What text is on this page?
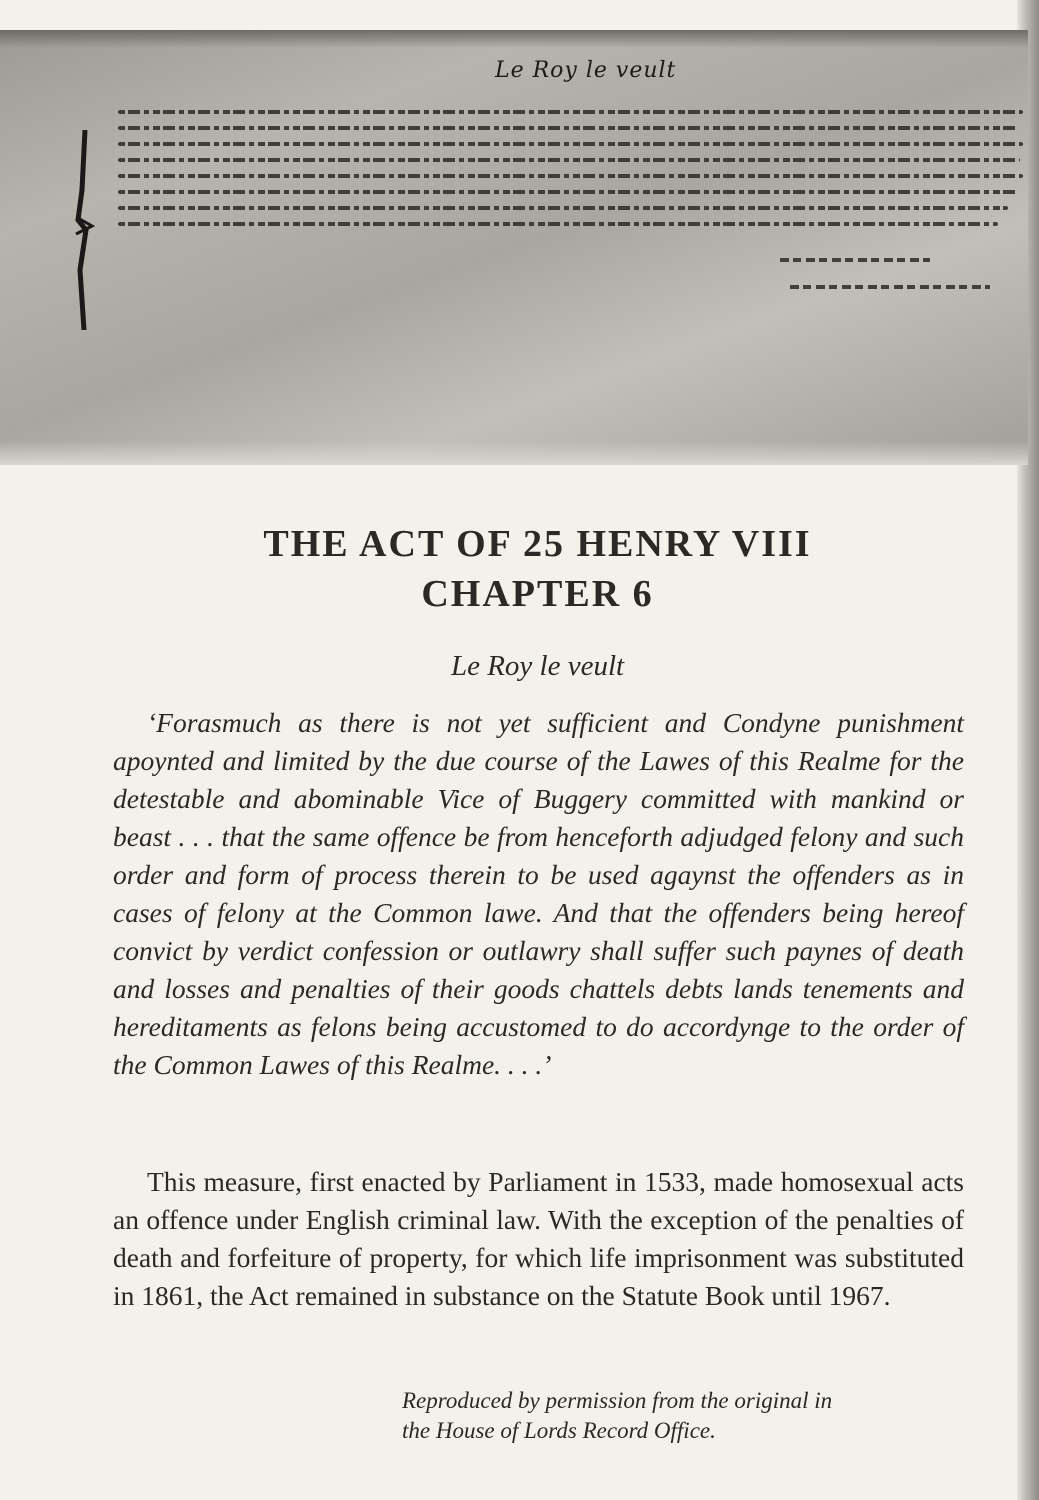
Le Roy le veult
THE ACT OF 25 HENRY VIII
CHAPTER 6
Le Roy le veult

‘Forasmuch as there is not yet sufficient and Condyne punishment apoynted and limited by the due course of the Lawes of this Realme for the detestable and abominable Vice of Buggery committed with mankind or beast . . . that the same offence be from henceforth adjudged felony and such order and form of process therein to be used agaynst the offenders as in cases of felony at the Common lawe. And that the offenders being hereof convict by verdict confession or outlawry shall suffer such paynes of death and losses and penalties of their goods chattels debts lands tenements and hereditaments as felons being accustomed to do accordynge to the order of the Common Lawes of this Realme. . . .’

This measure, first enacted by Parliament in 1533, made homosexual acts an offence under English criminal law. With the exception of the penalties of death and forfeiture of property, for which life imprisonment was substituted in 1861, the Act remained in substance on the Statute Book until 1967.

Reproduced by permission from the original in
the House of Lords Record Office.
